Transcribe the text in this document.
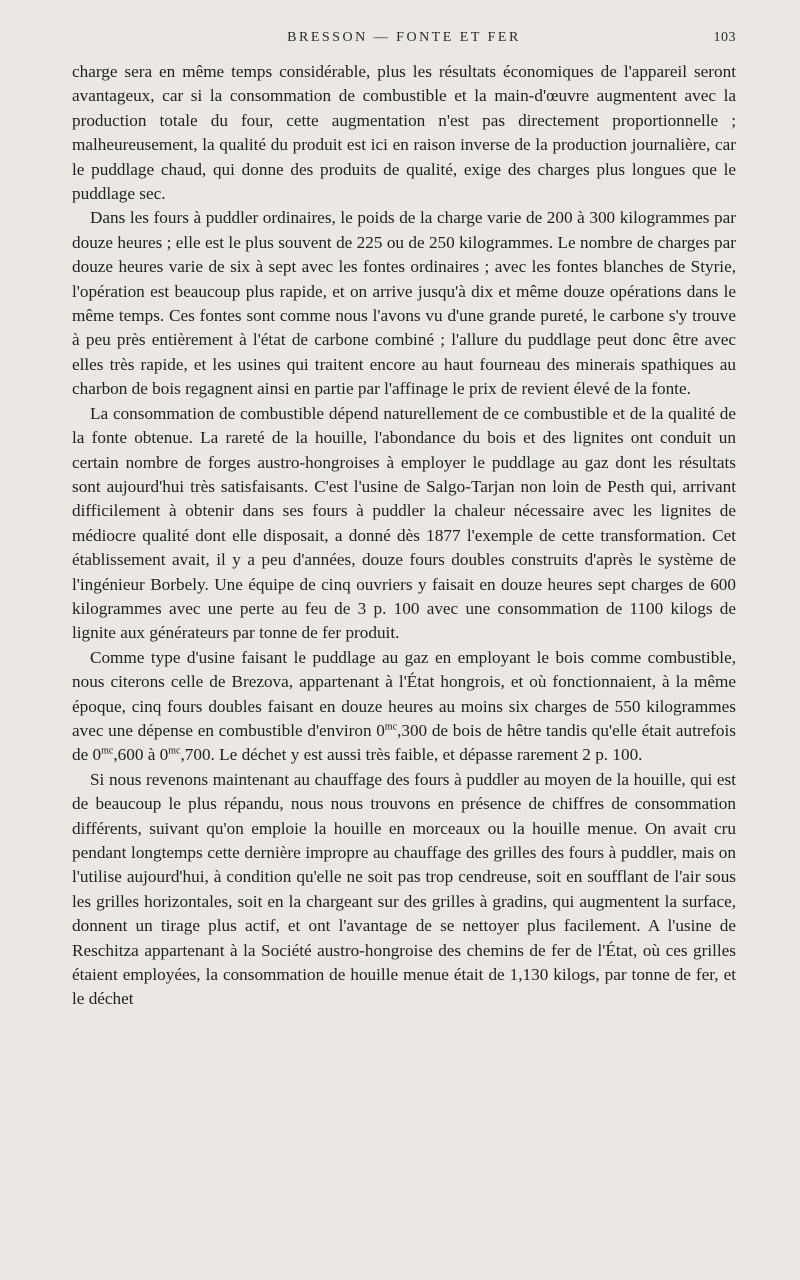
BRESSON — FONTE ET FER	103

charge sera en même temps considérable, plus les résultats économiques de l'appareil seront avantageux, car si la consommation de combustible et la main-d'œuvre augmentent avec la production totale du four, cette augmentation n'est pas directement proportionnelle ; malheureusement, la qualité du produit est ici en raison inverse de la production journalière, car le puddlage chaud, qui donne des produits de qualité, exige des charges plus longues que le puddlage sec.

Dans les fours à puddler ordinaires, le poids de la charge varie de 200 à 300 kilogrammes par douze heures ; elle est le plus souvent de 225 ou de 250 kilogrammes. Le nombre de charges par douze heures varie de six à sept avec les fontes ordinaires ; avec les fontes blanches de Styrie, l'opération est beaucoup plus rapide, et on arrive jusqu'à dix et même douze opérations dans le même temps. Ces fontes sont comme nous l'avons vu d'une grande pureté, le carbone s'y trouve à peu près entièrement à l'état de carbone combiné ; l'allure du puddlage peut donc être avec elles très rapide, et les usines qui traitent encore au haut fourneau des minerais spathiques au charbon de bois regagnent ainsi en partie par l'affinage le prix de revient élevé de la fonte.

La consommation de combustible dépend naturellement de ce combustible et de la qualité de la fonte obtenue. La rareté de la houille, l'abondance du bois et des lignites ont conduit un certain nombre de forges austro-hongroises à employer le puddlage au gaz dont les résultats sont aujourd'hui très satisfaisants. C'est l'usine de Salgo-Tarjan non loin de Pesth qui, arrivant difficilement à obtenir dans ses fours à puddler la chaleur nécessaire avec les lignites de médiocre qualité dont elle disposait, a donné dès 1877 l'exemple de cette transformation. Cet établissement avait, il y a peu d'années, douze fours doubles construits d'après le système de l'ingénieur Borbely. Une équipe de cinq ouvriers y faisait en douze heures sept charges de 600 kilogrammes avec une perte au feu de 3 p. 100 avec une consommation de 1100 kilogs de lignite aux générateurs par tonne de fer produit.

Comme type d'usine faisant le puddlage au gaz en employant le bois comme combustible, nous citerons celle de Brezova, appartenant à l'État hongrois, et où fonctionnaient, à la même époque, cinq fours doubles faisant en douze heures au moins six charges de 550 kilogrammes avec une dépense en combustible d'environ $0^{mc},300$ de bois de hêtre tandis qu'elle était autrefois de $0^{mc},600$ à $0^{mc},700$. Le déchet y est aussi très faible, et dépasse rarement 2 p. 100.

Si nous revenons maintenant au chauffage des fours à puddler au moyen de la houille, qui est de beaucoup le plus répandu, nous nous trouvons en présence de chiffres de consommation différents, suivant qu'on emploie la houille en morceaux ou la houille menue. On avait cru pendant longtemps cette dernière impropre au chauffage des grilles des fours à puddler, mais on l'utilise aujourd'hui, à condition qu'elle ne soit pas trop cendreuse, soit en soufflant de l'air sous les grilles horizontales, soit en la chargeant sur des grilles à gradins, qui augmentent la surface, donnent un tirage plus actif, et ont l'avantage de se nettoyer plus facilement. A l'usine de Reschitza appartenant à la Société austro-hongroise des chemins de fer de l'État, où ces grilles étaient employées, la consommation de houille menue était de 1,130 kilogs, par tonne de fer, et le déchet
